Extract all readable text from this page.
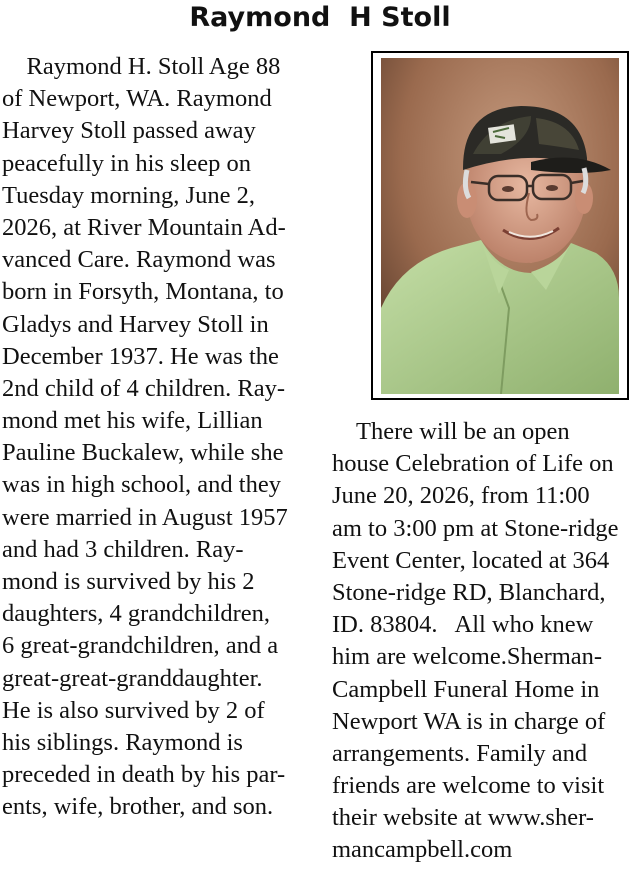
Raymond  H Stoll
Raymond H. Stoll Age 88
of Newport, WA. Raymond
Harvey Stoll passed away
peacefully in his sleep on
Tuesday morning, June 2,
2026, at River Mountain Ad-
vanced Care. Raymond was
born in Forsyth, Montana, to
Gladys and Harvey Stoll in
December 1937. He was the
2nd child of 4 children. Ray-
mond met his wife, Lillian
Pauline Buckalew, while she
was in high school, and they
were married in August 1957
and had 3 children. Ray-
mond is survived by his 2
daughters, 4 grandchildren,
6 great-grandchildren, and a
great-great-granddaughter.
He is also survived by 2 of
his siblings. Raymond is
preceded in death by his par-
ents, wife, brother, and son.
There will be an open
house Celebration of Life on
June 20, 2026, from 11:00
am to 3:00 pm at Stone-ridge
Event Center, located at 364
Stone-ridge RD, Blanchard,
ID. 83804.   All who knew
him are welcome.Sherman-
Campbell Funeral Home in
Newport WA is in charge of
arrangements. Family and
friends are welcome to visit
their website at www.sher-
mancampbell.com
